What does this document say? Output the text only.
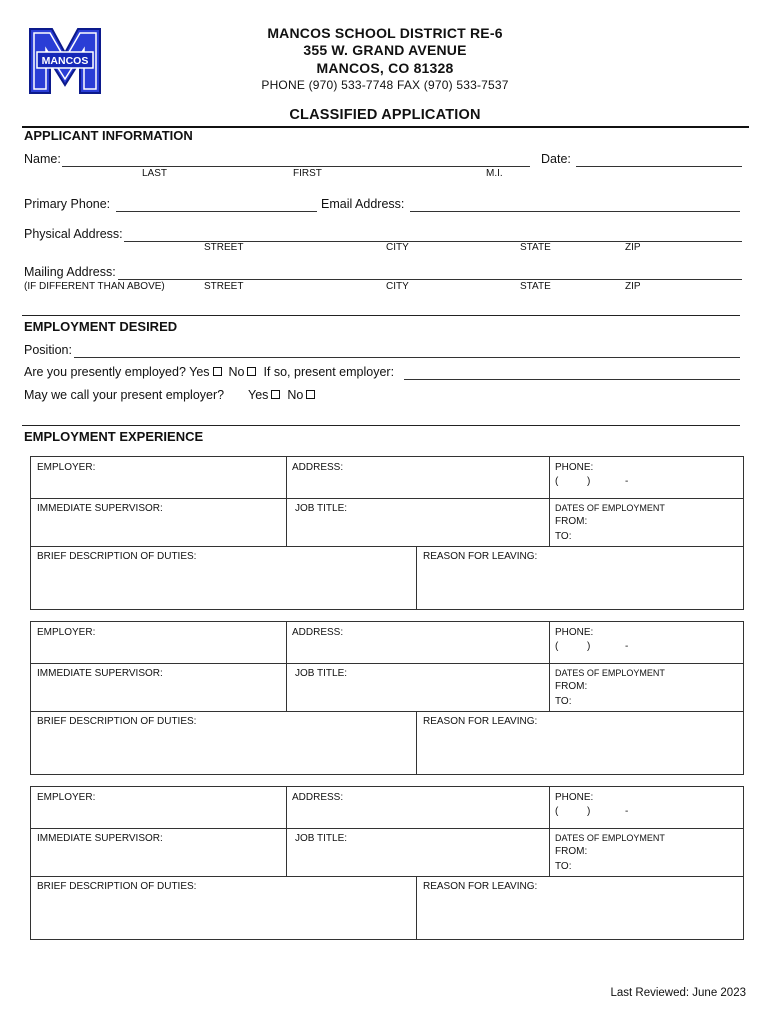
MANCOS
MANCOS SCHOOL DISTRICT RE-6
355 W. GRAND AVENUE
MANCOS, CO 81328
PHONE (970) 533-7748 FAX (970) 533-7537
CLASSIFIED APPLICATION
APPLICANT INFORMATION
Name:
LAST	FIRST	M.I.
Date:
Primary Phone:	Email Address:
Physical Address:
STREET	CITY	STATE	ZIP
Mailing Address:
(IF DIFFERENT THAN ABOVE)	STREET	CITY	STATE	ZIP
EMPLOYMENT DESIRED
Position:
Are you presently employed? Yes No If so, present employer:
May we call your present employer? Yes No
EMPLOYMENT EXPERIENCE
EMPLOYER:	ADDRESS:	PHONE:
(	)	-
IMMEDIATE SUPERVISOR:	JOB TITLE:	DATES OF EMPLOYMENT
FROM:
TO:
BRIEF DESCRIPTION OF DUTIES:	REASON FOR LEAVING:
EMPLOYER:	ADDRESS:	PHONE:
(	)	-
IMMEDIATE SUPERVISOR:	JOB TITLE:	DATES OF EMPLOYMENT
FROM:
TO:
BRIEF DESCRIPTION OF DUTIES:	REASON FOR LEAVING:
EMPLOYER:	ADDRESS:	PHONE:
(	)	-
IMMEDIATE SUPERVISOR:	JOB TITLE:	DATES OF EMPLOYMENT
FROM:
TO:
BRIEF DESCRIPTION OF DUTIES:	REASON FOR LEAVING:
Last Reviewed: June 2023
